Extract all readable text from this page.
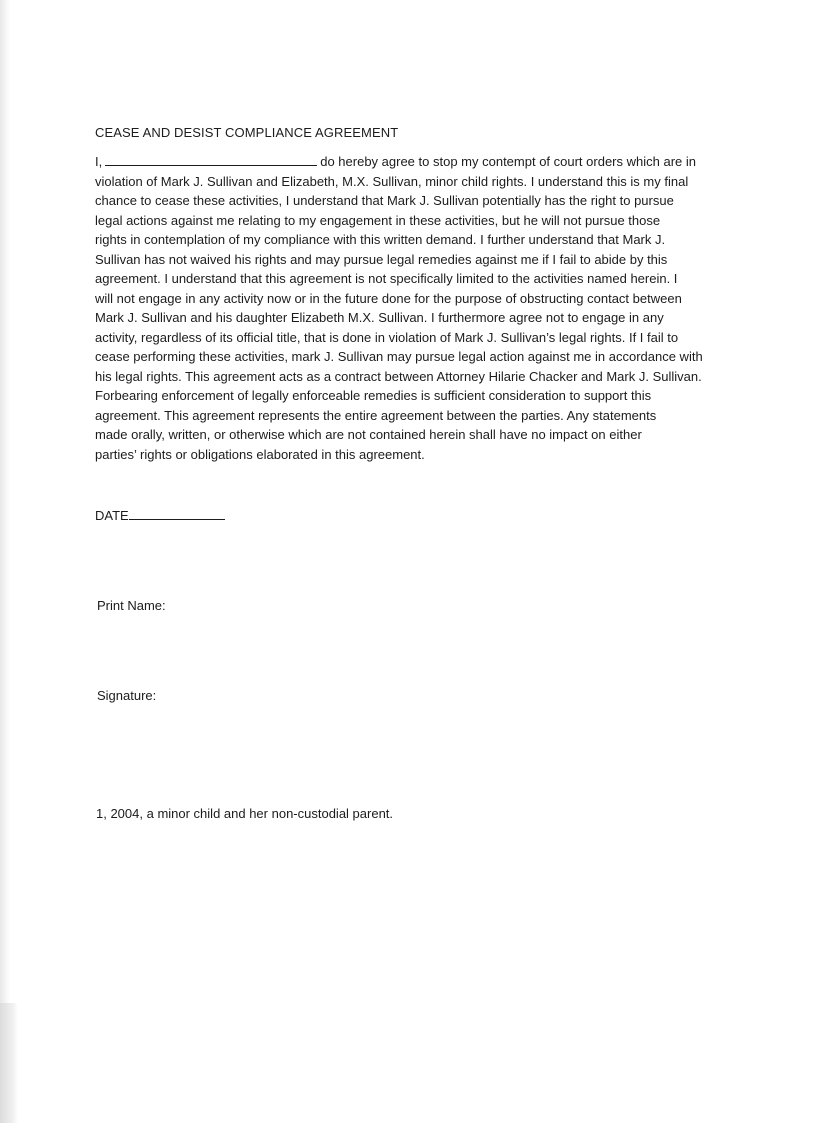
CEASE AND DESIST COMPLIANCE AGREEMENT
I,	do hereby agree to stop my contempt of court orders which are in
violation of Mark J. Sullivan and Elizabeth, M.X. Sullivan, minor child rights. I understand this is my final
chance to cease these activities, I understand that Mark J. Sullivan potentially has the right to pursue
legal actions against me relating to my engagement in these activities, but he will not pursue those
rights in contemplation of my compliance with this written demand. I further understand that Mark J.
Sullivan has not waived his rights and may pursue legal remedies against me if I fail to abide by this
agreement. I understand that this agreement is not specifically limited to the activities named herein. I
will not engage in any activity now or in the future done for the purpose of obstructing contact between
Mark J. Sullivan and his daughter Elizabeth M.X. Sullivan. I furthermore agree not to engage in any
activity, regardless of its official title, that is done in violation of Mark J. Sullivan’s legal rights. If I fail to
cease performing these activities, mark J. Sullivan may pursue legal action against me in accordance with
his legal rights. This agreement acts as a contract between Attorney Hilarie Chacker and Mark J. Sullivan.
Forbearing enforcement of legally enforceable remedies is sufficient consideration to support this
agreement. This agreement represents the entire agreement between the parties. Any statements
made orally, written, or otherwise which are not contained herein shall have no impact on either
parties’ rights or obligations elaborated in this agreement.
DATE
Print Name:
Signature:
1, 2004, a minor child and her non-custodial parent.
